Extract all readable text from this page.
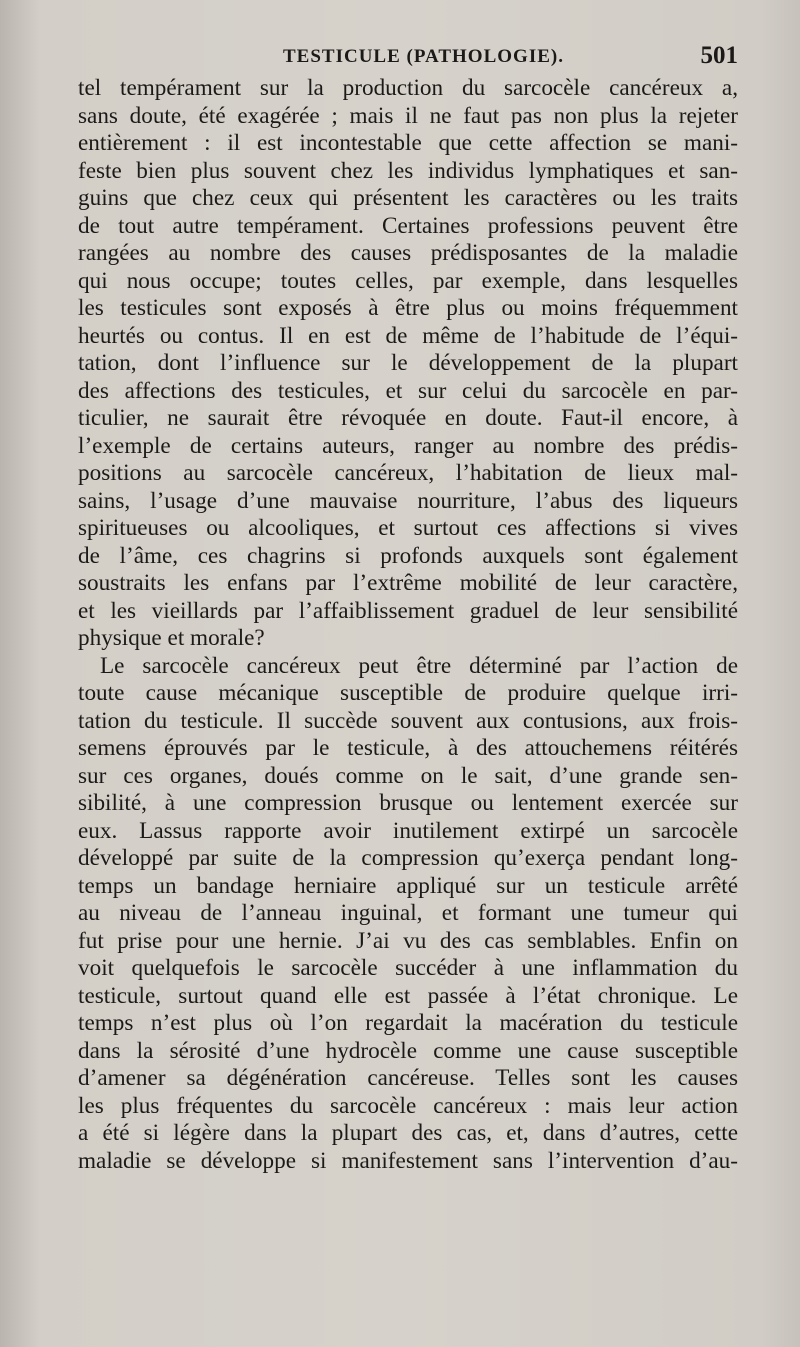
TESTICULE (PATHOLOGIE).	501
tel tempérament sur la production du sarcocèle cancéreux a,
sans doute, été exagérée ; mais il ne faut pas non plus la rejeter
entièrement : il est incontestable que cette affection se mani-
feste bien plus souvent chez les individus lymphatiques et san-
guins que chez ceux qui présentent les caractères ou les traits
de tout autre tempérament. Certaines professions peuvent être
rangées au nombre des causes prédisposantes de la maladie
qui nous occupe; toutes celles, par exemple, dans lesquelles
les testicules sont exposés à être plus ou moins fréquemment
heurtés ou contus. Il en est de même de l’habitude de l’équi-
tation, dont l’influence sur le développement de la plupart
des affections des testicules, et sur celui du sarcocèle en par-
ticulier, ne saurait être révoquée en doute. Faut-il encore, à
l’exemple de certains auteurs, ranger au nombre des prédis-
positions au sarcocèle cancéreux, l’habitation de lieux mal-
sains, l’usage d’une mauvaise nourriture, l’abus des liqueurs
spiritueuses ou alcooliques, et surtout ces affections si vives
de l’âme, ces chagrins si profonds auxquels sont également
soustraits les enfans par l’extrême mobilité de leur caractère,
et les vieillards par l’affaiblissement graduel de leur sensibilité
physique et morale?
Le sarcocèle cancéreux peut être déterminé par l’action de
toute cause mécanique susceptible de produire quelque irri-
tation du testicule. Il succède souvent aux contusions, aux frois-
semens éprouvés par le testicule, à des attouchemens réitérés
sur ces organes, doués comme on le sait, d’une grande sen-
sibilité, à une compression brusque ou lentement exercée sur
eux. Lassus rapporte avoir inutilement extirpé un sarcocèle
développé par suite de la compression qu’exerça pendant long-
temps un bandage herniaire appliqué sur un testicule arrêté
au niveau de l’anneau inguinal, et formant une tumeur qui
fut prise pour une hernie. J’ai vu des cas semblables. Enfin on
voit quelquefois le sarcocèle succéder à une inflammation du
testicule, surtout quand elle est passée à l’état chronique. Le
temps n’est plus où l’on regardait la macération du testicule
dans la sérosité d’une hydrocèle comme une cause susceptible
d’amener sa dégénération cancéreuse. Telles sont les causes
les plus fréquentes du sarcocèle cancéreux : mais leur action
a été si légère dans la plupart des cas, et, dans d’autres, cette
maladie se développe si manifestement sans l’intervention d’au-
